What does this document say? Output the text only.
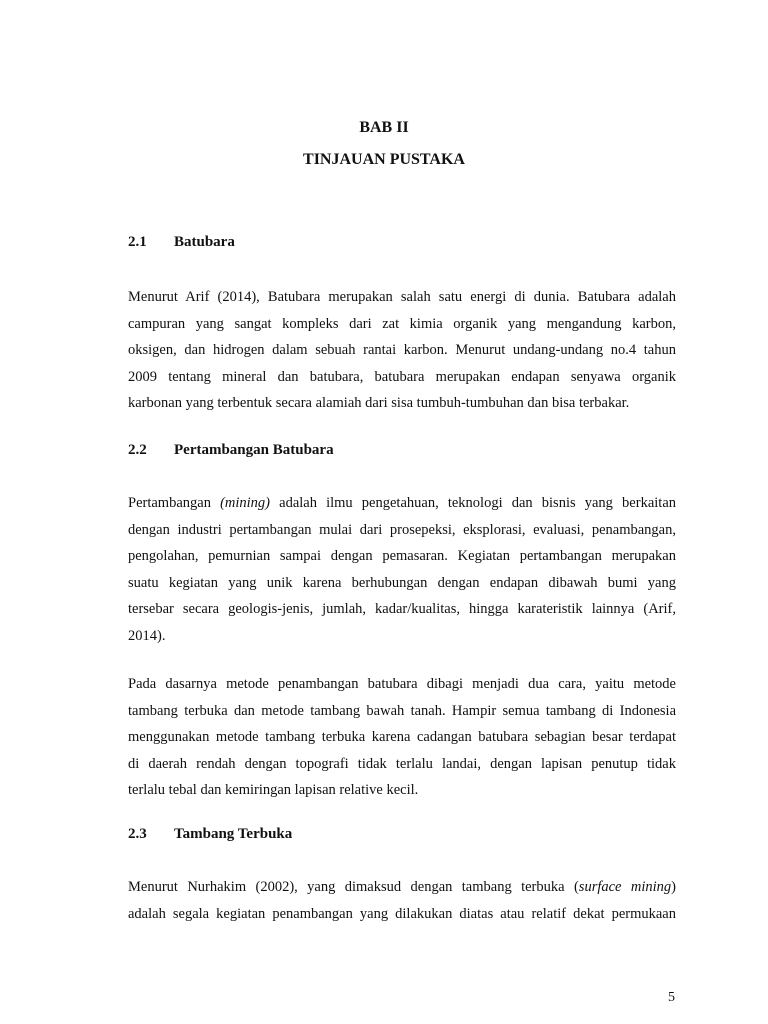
BAB II
TINJAUAN PUSTAKA
2.1 Batubara

Menurut Arif (2014), Batubara merupakan salah satu energi di dunia. Batubara adalah
campuran yang sangat kompleks dari zat kimia organik yang mengandung karbon,
oksigen, dan hidrogen dalam sebuah rantai karbon. Menurut undang-undang no.4 tahun
2009 tentang mineral dan batubara, batubara merupakan endapan senyawa organik
karbonan yang terbentuk secara alamiah dari sisa tumbuh-tumbuhan dan bisa terbakar.

2.2 Pertambangan Batubara

Pertambangan (mining) adalah ilmu pengetahuan, teknologi dan bisnis yang berkaitan
dengan industri pertambangan mulai dari prosepeksi, eksplorasi, evaluasi, penambangan,
pengolahan, pemurnian sampai dengan pemasaran. Kegiatan pertambangan merupakan
suatu kegiatan yang unik karena berhubungan dengan endapan dibawah bumi yang
tersebar secara geologis-jenis, jumlah, kadar/kualitas, hingga karateristik lainnya (Arif,
2014).

Pada dasarnya metode penambangan batubara dibagi menjadi dua cara, yaitu metode
tambang terbuka dan metode tambang bawah tanah. Hampir semua tambang di Indonesia
menggunakan metode tambang terbuka karena cadangan batubara sebagian besar terdapat
di daerah rendah dengan topografi tidak terlalu landai, dengan lapisan penutup tidak
terlalu tebal dan kemiringan lapisan relative kecil.

2.3 Tambang Terbuka

Menurut Nurhakim (2002), yang dimaksud dengan tambang terbuka (surface mining)
adalah segala kegiatan penambangan yang dilakukan diatas atau relatif dekat permukaan

5
